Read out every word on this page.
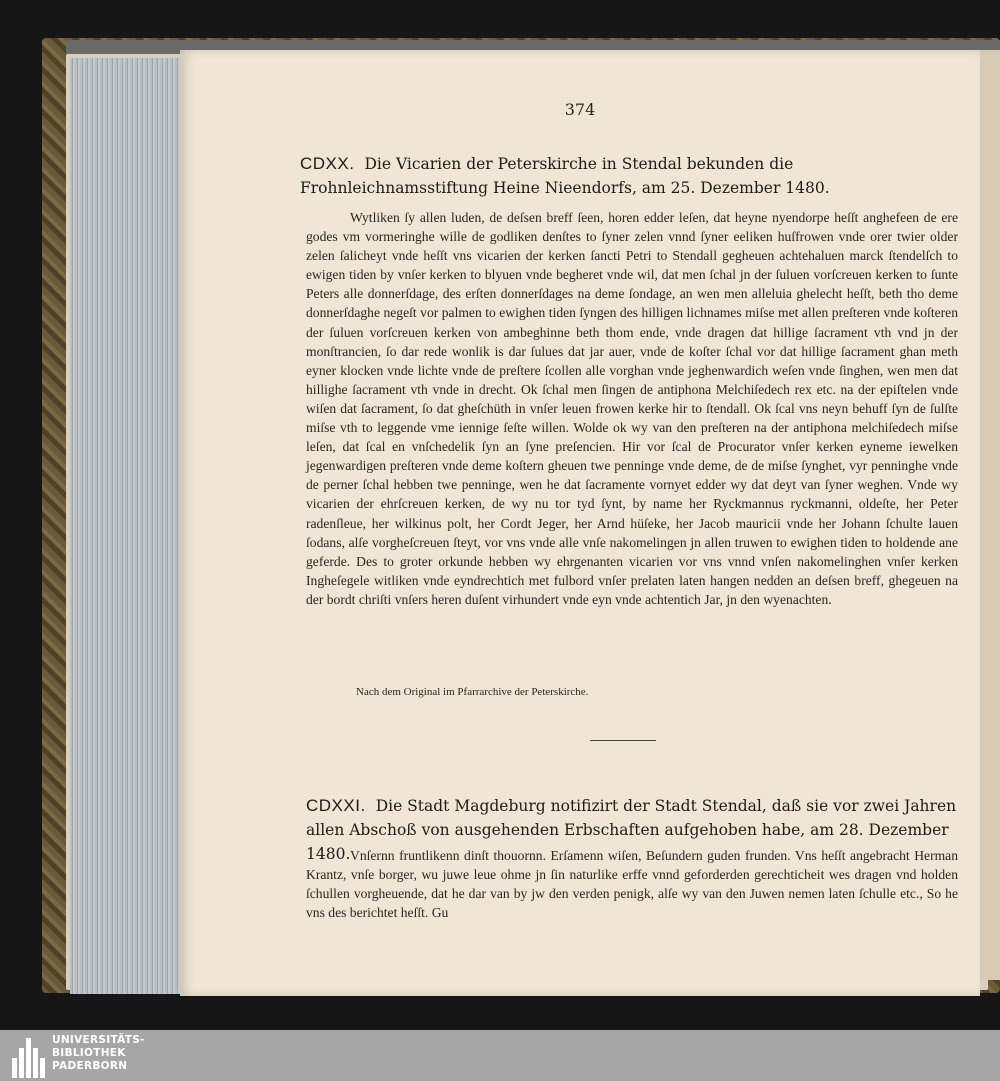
374
CDXX. Die Vicarien der Peterskirche in Stendal bekunden die Frohnleichnamsstiftung Heine Nieendorfs, am 25. Dezember 1480.

Wytliken ſy allen luden, de deſsen breff ſeen, horen edder leſen, dat heyne nyendorpe heſſt anghefeen de ere godes vm vormeringhe wille de godliken denſtes to ſyner zelen vnnd ſyner eeliken huſfrowen vnde orer twier older zelen ſalicheyt vnde heſſt vns vicarien der kerken ſancti Petri to Stendall gegheuen achtehaluen marck ſtendelſch to ewigen tiden by vnſer kerken to blyuen vnde begheret vnde wil, dat men ſchal jn der ſuluen vorſcreuen kerken to ſunte Peters alle donnerſdage, des erſten donnerſdages na deme ſondage, an wen men alleluia ghelecht heſſt, beth tho deme donnerſdaghe negeſt vor palmen to ewighen tiden ſyngen des hilligen lichnames miſse met allen preſteren vnde koſteren der ſuluen vorſcreuen kerken von ambeghinne beth thom ende, vnde dragen dat hillige ſacrament vth vnd jn der monſtrancien, ſo dar rede wonlik is dar ſulues dat jar auer, vnde de koſter ſchal vor dat hillige ſacrament ghan meth eyner klocken vnde lichte vnde de preſtere ſcollen alle vorghan vnde jeghenwardich weſen vnde ſinghen, wen men dat hillighe ſacrament vth vnde in drecht. Ok ſchal men ſingen de antiphona Melchiſedech rex etc. na der epiſtelen vnde wiſen dat ſacrament, ſo dat gheſchüth in vnſer leuen frowen kerke hir to ſtendall. Ok ſcal vns neyn behuff ſyn de ſulſte miſse vth to leggende vme iennige ſeſte willen. Wolde ok wy van den preſteren na der antiphona melchiſedech miſse leſen, dat ſcal en vnſchedelik ſyn an ſyne preſencien. Hir vor ſcal de Procurator vnſer kerken eyneme iewelken jegenwardigen preſteren vnde deme koſtern gheuen twe penninge vnde deme, de de miſse ſynghet, vyr penninghe vnde de perner ſchal hebben twe penninge, wen he dat ſacramente vornyet edder wy dat deyt van ſyner weghen. Vnde wy vicarien der ehrſcreuen kerken, de wy nu tor tyd ſynt, by name her Ryckmannus ryckmanni, oldeſte, her Peter radenſleue, her wilkinus polt, her Cordt Jeger, her Arnd hüſeke, her Jacob mauricii vnde her Johann ſchulte lauen ſodans, alſe vorgheſcreuen ſteyt, vor vns vnde alle vnſe nakomelingen jn allen truwen to ewighen tiden to holdende ane geferde. Des to groter orkunde hebben wy ehrgenanten vicarien vor vns vnnd vnſen nakomelinghen vnſer kerken Ingheſegele witliken vnde eyndrechtich met fulbord vnſer prelaten laten hangen nedden an deſsen breff, ghegeuen na der bordt chriſti vnſers heren duſent virhundert vnde eyn vnde achtentich Jar, jn den wyenachten.

Nach dem Original im Pfarrarchive der Peterskirche.
CDXXI. Die Stadt Magdeburg notifizirt der Stadt Stendal, daß sie vor zwei Jahren allen Abschoß von ausgehenden Erbschaften aufgehoben habe, am 28. Dezember 1480. Vnſernn fruntlikenn dinſt thouornn. Erſamenn wiſen, Beſundern guden frunden. Vns heſſt angebracht Herman Krantz, vnſe borger, wu juwe leue ohme jn ſin naturlike erffe vnnd geforderden gerechticheit wes dragen vnd holden ſchullen vorgheuende, dat he dar van by jw den verden penigk, alſe wy van den Juwen nemen laten ſchulle etc., So he vns des berichtet heſſt. Gu

UNIVERSITÄTS-
BIBLIOTHEK
PADERBORN
